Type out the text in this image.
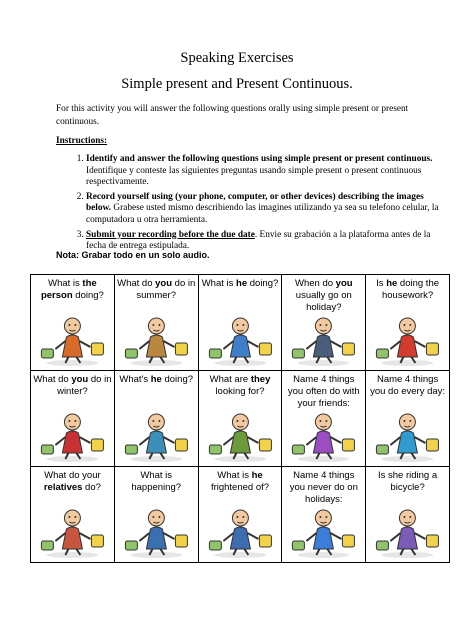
Speaking Exercises
Simple present and Present Continuous.
For this activity you will answer the following questions orally using simple present or present continuous.
Instructions:
1. Identify and answer the following questions using simple present or present continuous. Identifique y conteste las siguientes preguntas usando simple present o present continuous respectivamente.
2. Record yourself using (your phone, computer, or other devices) describing the images below. Grabese usted mismo describiendo las imagines utilizando ya sea su telefono celular, la computadora u otra herramienta.
3. Submit your recording before the due date. Envie su grabación a la plataforma antes de la fecha de entrega estipulada.
Nota: Grabar todo en un solo audio.
What is the person doing?	What do you do in summer?	What is he doing?	When do you usually go on holiday?	Is he doing the housework?

What do you do in winter?	What's he doing?	What are they looking for?	Name 4 things you often do with your friends:	Name 4 things you do every day:

What do your relatives do?	What is happening?	What is he frightened of?	Name 4 things you never do on holidays:	Is she riding a bicycle?
